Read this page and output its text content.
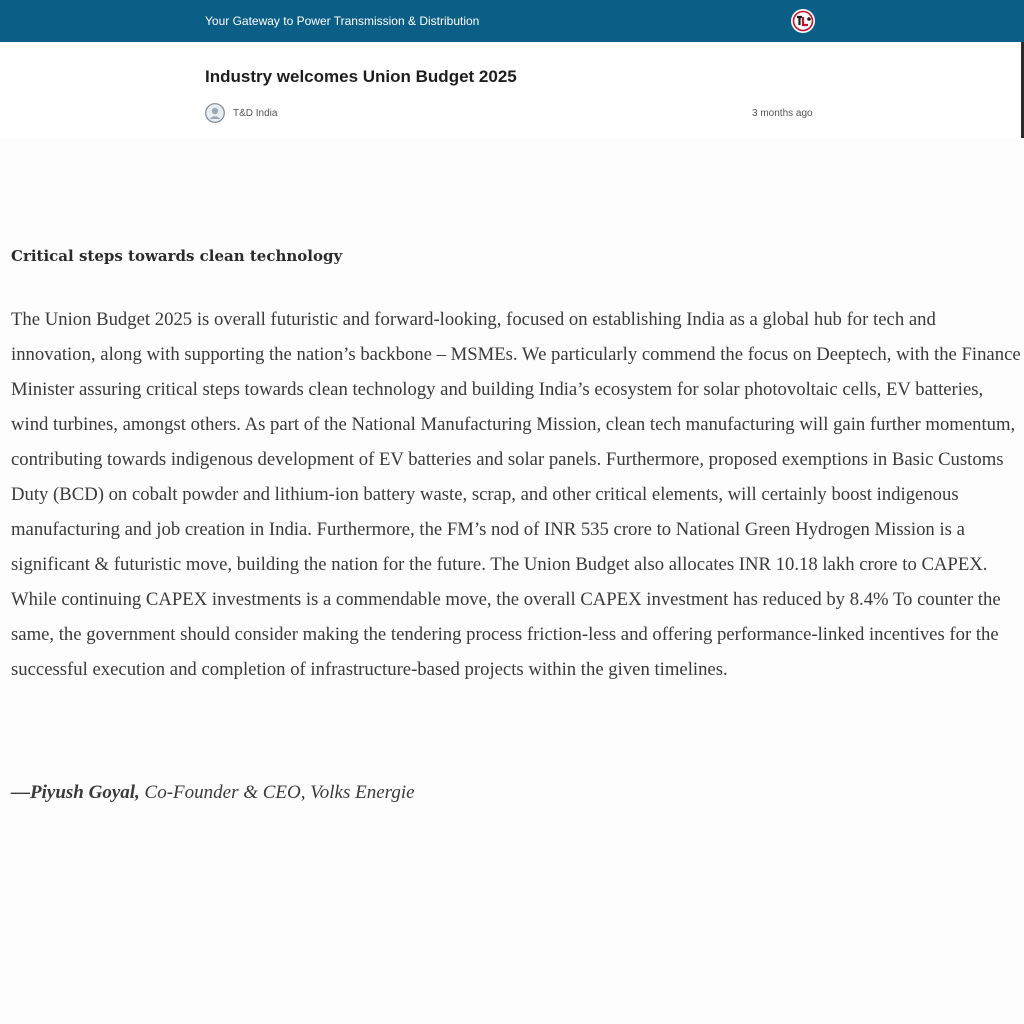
Your Gateway to Power Transmission & Distribution
Industry welcomes Union Budget 2025
T&D India	3 months ago
Critical steps towards clean technology

The Union Budget 2025 is overall futuristic and forward-looking, focused on establishing India as a global hub for tech and innovation, along with supporting the nation’s backbone – MSMEs. We particularly commend the focus on Deeptech, with the Finance Minister assuring critical steps towards clean technology and building India’s ecosystem for solar photovoltaic cells, EV batteries, wind turbines, amongst others. As part of the National Manufacturing Mission, clean tech manufacturing will gain further momentum, contributing towards indigenous development of EV batteries and solar panels. Furthermore, proposed exemptions in Basic Customs Duty (BCD) on cobalt powder and lithium-ion battery waste, scrap, and other critical elements, will certainly boost indigenous manufacturing and job creation in India. Furthermore, the FM’s nod of INR 535 crore to National Green Hydrogen Mission is a significant & futuristic move, building the nation for the future. The Union Budget also allocates INR 10.18 lakh crore to CAPEX. While continuing CAPEX investments is a commendable move, the overall CAPEX investment has reduced by 8.4% To counter the same, the government should consider making the tendering process friction-less and offering performance-linked incentives for the successful execution and completion of infrastructure-based projects within the given timelines.

—Piyush Goyal, Co-Founder & CEO, Volks Energie
